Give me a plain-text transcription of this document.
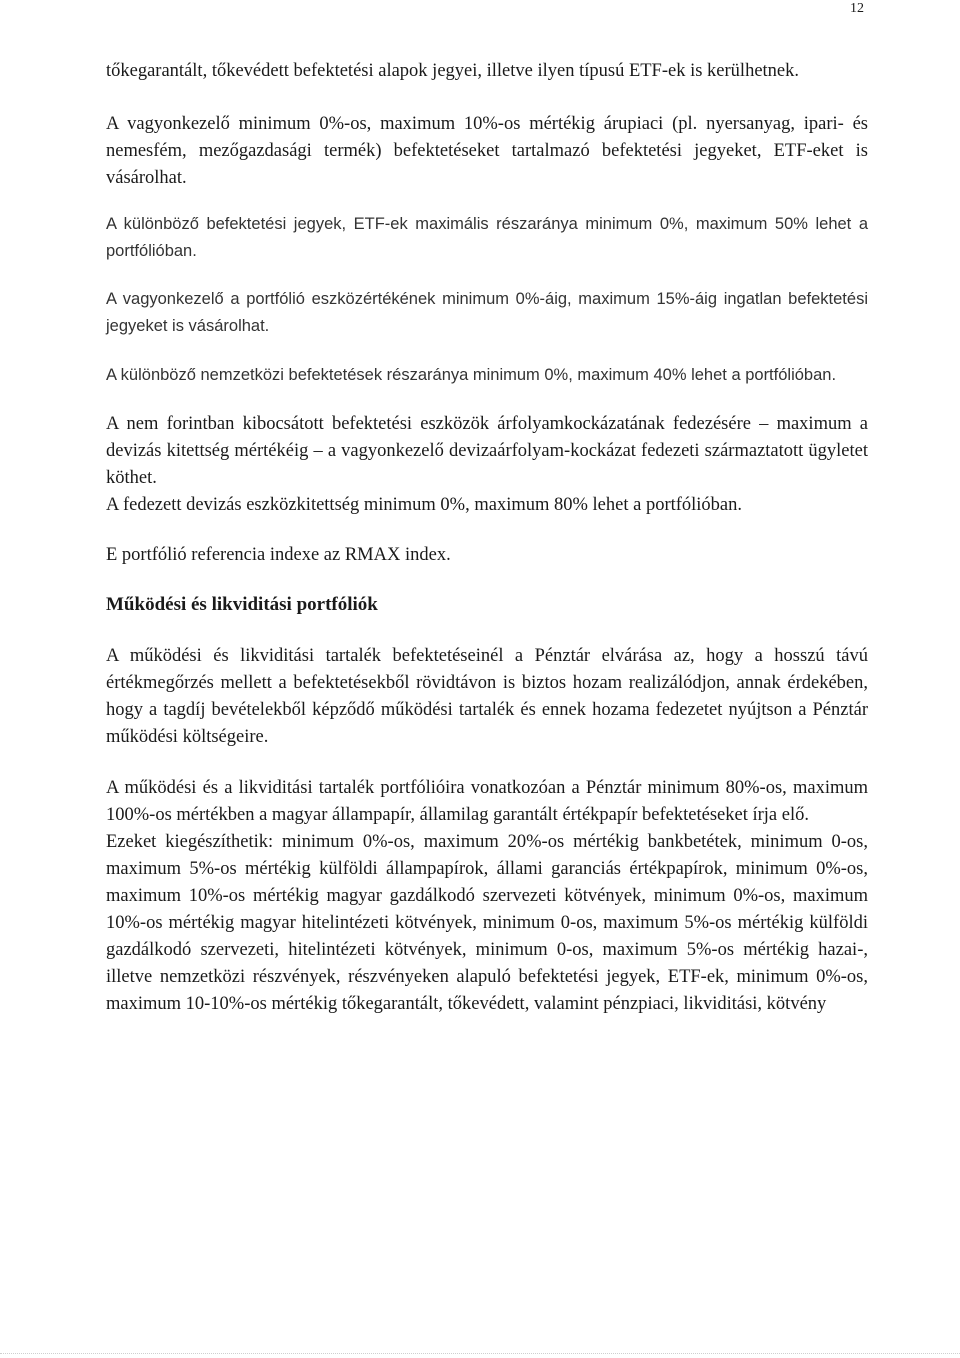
12

tőkegarantált, tőkevédett befektetési alapok jegyei, illetve ilyen típusú ETF-ek is kerülhetnek.

A vagyonkezelő minimum 0%-os, maximum 10%-os mértékig árupiaci (pl. nyersanyag, ipari- és nemesfém, mezőgazdasági termék) befektetéseket tartalmazó befektetési jegyeket, ETF-eket is vásárolhat.

A különböző befektetési jegyek, ETF-ek maximális részaránya minimum 0%, maximum 50% lehet a portfólióban.

A vagyonkezelő a portfólió eszközértékének minimum 0%-áig, maximum 15%-áig ingatlan befektetési jegyeket is vásárolhat.

A különböző nemzetközi befektetések részaránya minimum 0%, maximum 40% lehet a portfólióban.

A nem forintban kibocsátott befektetési eszközök árfolyamkockázatának fedezésére – maximum a devizás kitettség mértékéig – a vagyonkezelő devizaárfolyam-kockázat fedezeti származtatott ügyletet köthet.

A fedezett devizás eszközkitettség minimum 0%, maximum 80% lehet a portfólióban.

E portfólió referencia indexe az RMAX index.

Működési és likviditási portfóliók

A működési és likviditási tartalék befektetéseinél a Pénztár elvárása az, hogy a hosszú távú értékmegőrzés mellett a befektetésekből rövidtávon is biztos hozam realizálódjon, annak érdekében, hogy a tagdíj bevételekből képződő működési tartalék és ennek hozama fedezetet nyújtson a Pénztár működési költségeire.

A működési és a likviditási tartalék portfólióira vonatkozóan a Pénztár minimum 80%-os, maximum 100%-os mértékben a magyar állampapír, államilag garantált értékpapír befektetéseket írja elő.

Ezeket kiegészíthetik: minimum 0%-os, maximum 20%-os mértékig bankbetétek, minimum 0-os, maximum 5%-os mértékig külföldi állampapírok, állami garanciás értékpapírok, minimum 0%-os, maximum 10%-os mértékig magyar gazdálkodó szervezeti kötvények, minimum 0%-os, maximum 10%-os mértékig magyar hitelintézeti kötvények, minimum 0-os, maximum 5%-os mértékig külföldi gazdálkodó szervezeti, hitelintézeti kötvények, minimum 0-os, maximum 5%-os mértékig hazai-, illetve nemzetközi részvények, részvényeken alapuló befektetési jegyek, ETF-ek, minimum 0%-os, maximum 10-10%-os mértékig tőkegarantált, tőkevédett, valamint pénzpiaci, likviditási, kötvény
